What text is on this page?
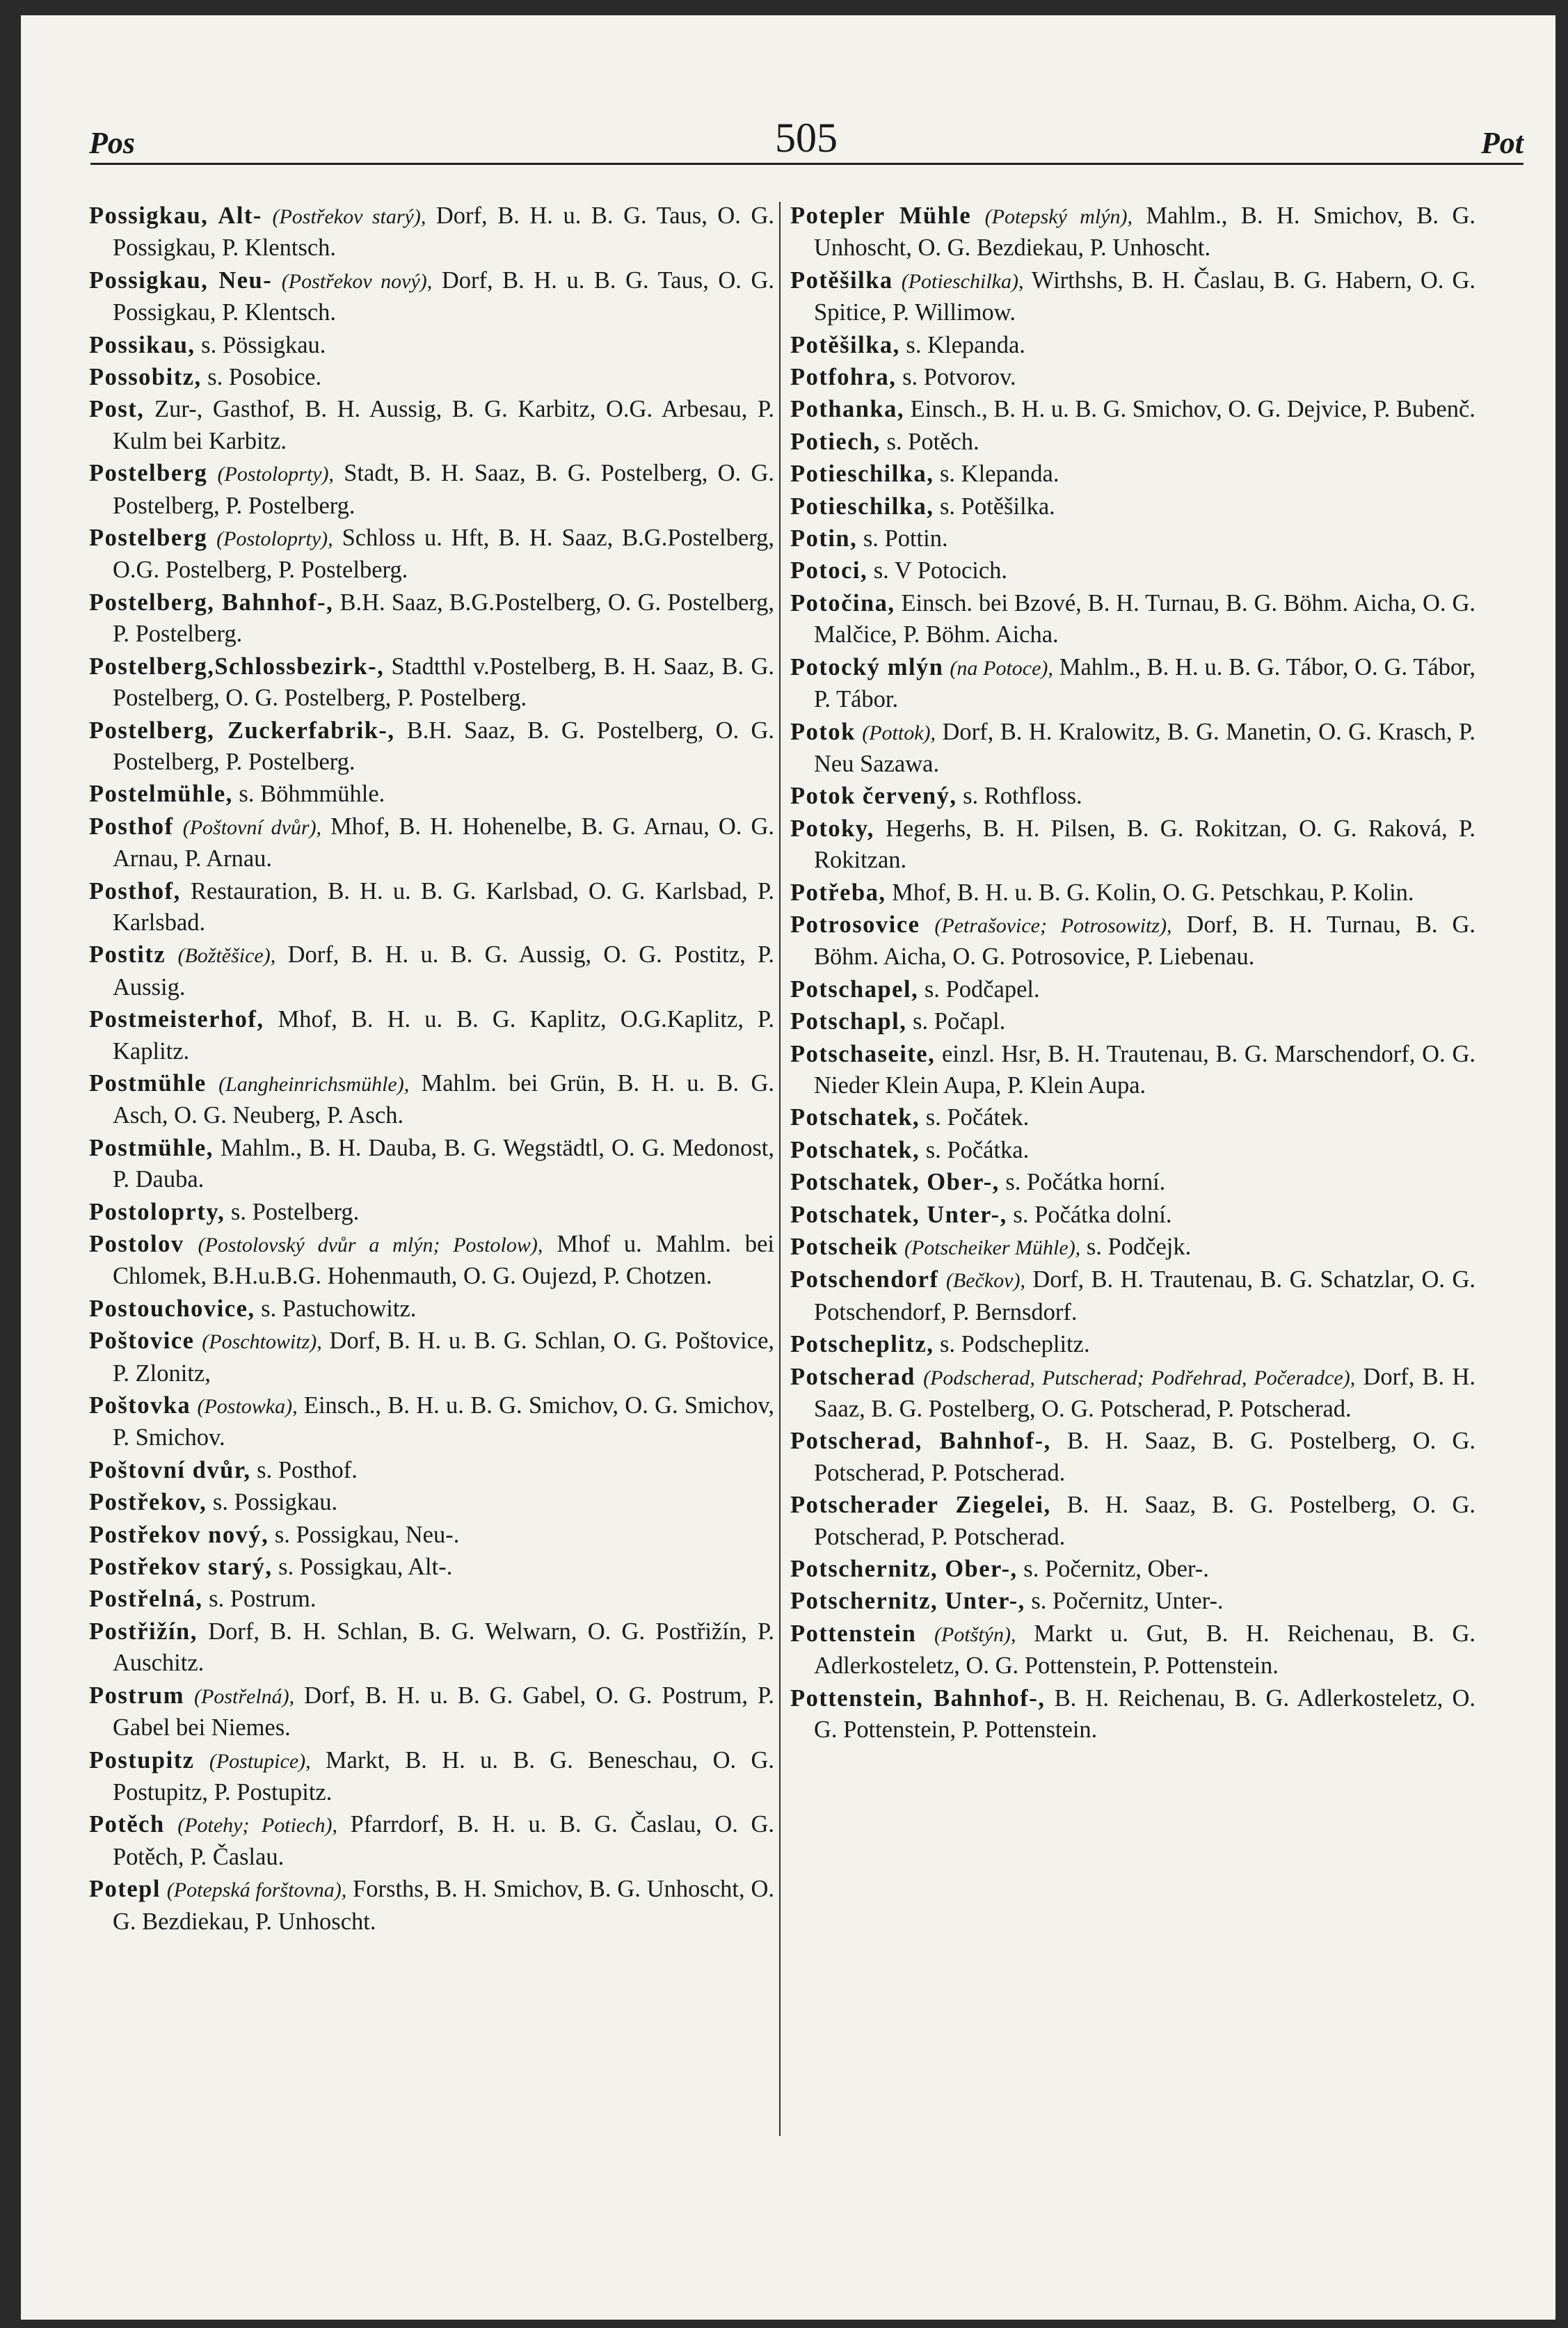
Pos	505	Pot

Possigkau, Alt- (Postřekov starý), Dorf, B. H. u. B. G. Taus, O. G. Possigkau, P. Klentsch.

Possigkau, Neu- (Postřekov nový), Dorf, B. H. u. B. G. Taus, O. G. Possigkau, P. Klentsch.

Possikau, s. Pössigkau.

Possobitz, s. Posobice.

Post, Zur-, Gasthof, B. H. Aussig, B. G. Karbitz, O.G. Arbesau, P. Kulm bei Karbitz.

Postelberg (Postoloprty), Stadt, B. H. Saaz, B. G. Postelberg, O. G. Postelberg, P. Postelberg.

Postelberg (Postoloprty), Schloss u. Hft, B. H. Saaz, B.G.Postelberg, O.G. Postelberg, P. Postelberg.

Postelberg, Bahnhof-, B.H. Saaz, B.G.Postelberg, O. G. Postelberg, P. Postelberg.

Postelberg,Schlossbezirk-, Stadtthl v.Postelberg, B. H. Saaz, B. G. Postelberg, O. G. Postelberg, P. Postelberg.

Postelberg, Zuckerfabrik-, B.H. Saaz, B. G. Postelberg, O. G. Postelberg, P. Postelberg.

Postelmühle, s. Böhmmühle.

Posthof (Poštovní dvůr), Mhof, B. H. Hohenelbe, B. G. Arnau, O. G. Arnau, P. Arnau.

Posthof, Restauration, B. H. u. B. G. Karlsbad, O. G. Karlsbad, P. Karlsbad.

Postitz (Božtěšice), Dorf, B. H. u. B. G. Aussig, O. G. Postitz, P. Aussig.

Postmeisterhof, Mhof, B. H. u. B. G. Kaplitz, O.G.Kaplitz, P. Kaplitz.

Postmühle (Langheinrichsmühle), Mahlm. bei Grün, B. H. u. B. G. Asch, O. G. Neuberg, P. Asch.

Postmühle, Mahlm., B. H. Dauba, B. G. Wegstädtl, O. G. Medonost, P. Dauba.

Postoloprty, s. Postelberg.

Postolov (Postolovský dvůr a mlýn; Postolow), Mhof u. Mahlm. bei Chlomek, B.H.u.B.G. Hohenmauth, O. G. Oujezd, P. Chotzen.

Postouchovice, s. Pastuchowitz.

Poštovice (Poschtowitz), Dorf, B. H. u. B. G. Schlan, O. G. Poštovice, P. Zlonitz,

Poštovka (Postowka), Einsch., B. H. u. B. G. Smichov, O. G. Smichov, P. Smichov.

Poštovní dvůr, s. Posthof.

Postřekov, s. Possigkau.

Postřekov nový, s. Possigkau, Neu-.

Postřekov starý, s. Possigkau, Alt-.

Postřelná, s. Postrum.

Postřižín, Dorf, B. H. Schlan, B. G. Welwarn, O. G. Postřižín, P. Auschitz.

Postrum (Postřelná), Dorf, B. H. u. B. G. Gabel, O. G. Postrum, P. Gabel bei Niemes.

Postupitz (Postupice), Markt, B. H. u. B. G. Beneschau, O. G. Postupitz, P. Postupitz.

Potěch (Potehy; Potiech), Pfarrdorf, B. H. u. B. G. Časlau, O. G. Potěch, P. Časlau.

Potepl (Potepská forštovna), Forsths, B. H. Smichov, B. G. Unhoscht, O. G. Bezdiekau, P. Unhoscht.

Potepler Mühle (Potepský mlýn), Mahlm., B. H. Smichov, B. G. Unhoscht, O. G. Bezdiekau, P. Unhoscht.

Potěšilka (Potieschilka), Wirthshs, B. H. Časlau, B. G. Habern, O. G. Spitice, P. Willimow.

Potěšilka, s. Klepanda.

Potfohra, s. Potvorov.

Pothanka, Einsch., B. H. u. B. G. Smichov, O. G. Dejvice, P. Bubenč.

Potiech, s. Potěch.

Potieschilka, s. Klepanda.

Potieschilka, s. Potěšilka.

Potin, s. Pottin.

Potoci, s. V Potocich.

Potočina, Einsch. bei Bzové, B. H. Turnau, B. G. Böhm. Aicha, O. G. Malčice, P. Böhm. Aicha.

Potocký mlýn (na Potoce), Mahlm., B. H. u. B. G. Tábor, O. G. Tábor, P. Tábor.

Potok (Pottok), Dorf, B. H. Kralowitz, B. G. Manetin, O. G. Krasch, P. Neu Sazawa.

Potok červený, s. Rothfloss.

Potoky, Hegerhs, B. H. Pilsen, B. G. Rokitzan, O. G. Raková, P. Rokitzan.

Potřeba, Mhof, B. H. u. B. G. Kolin, O. G. Petschkau, P. Kolin.

Potrosovice (Petrašovice; Potrosowitz), Dorf, B. H. Turnau, B. G. Böhm. Aicha, O. G. Potrosovice, P. Liebenau.

Potschapel, s. Podčapel.

Potschapl, s. Počapl.

Potschaseite, einzl. Hsr, B. H. Trautenau, B. G. Marschendorf, O. G. Nieder Klein Aupa, P. Klein Aupa.

Potschatek, s. Počátek.

Potschatek, s. Počátka.

Potschatek, Ober-, s. Počátka horní.

Potschatek, Unter-, s. Počátka dolní.

Potscheik (Potscheiker Mühle), s. Podčejk.

Potschendorf (Bečkov), Dorf, B. H. Trautenau, B. G. Schatzlar, O. G. Potschendorf, P. Bernsdorf.

Potscheplitz, s. Podscheplitz.

Potscherad (Podscherad, Putscherad; Podřehrad, Počeradce), Dorf, B. H. Saaz, B. G. Postelberg, O. G. Potscherad, P. Potscherad.

Potscherad, Bahnhof-, B. H. Saaz, B. G. Postelberg, O. G. Potscherad, P. Potscherad.

Potscherader Ziegelei, B. H. Saaz, B. G. Postelberg, O. G. Potscherad, P. Potscherad.

Potschernitz, Ober-, s. Počernitz, Ober-.

Potschernitz, Unter-, s. Počernitz, Unter-.

Pottenstein (Potštýn), Markt u. Gut, B. H. Reichenau, B. G. Adlerkosteletz, O. G. Pottenstein, P. Pottenstein.

Pottenstein, Bahnhof-, B. H. Reichenau, B. G. Adlerkosteletz, O. G. Pottenstein, P. Pottenstein.
